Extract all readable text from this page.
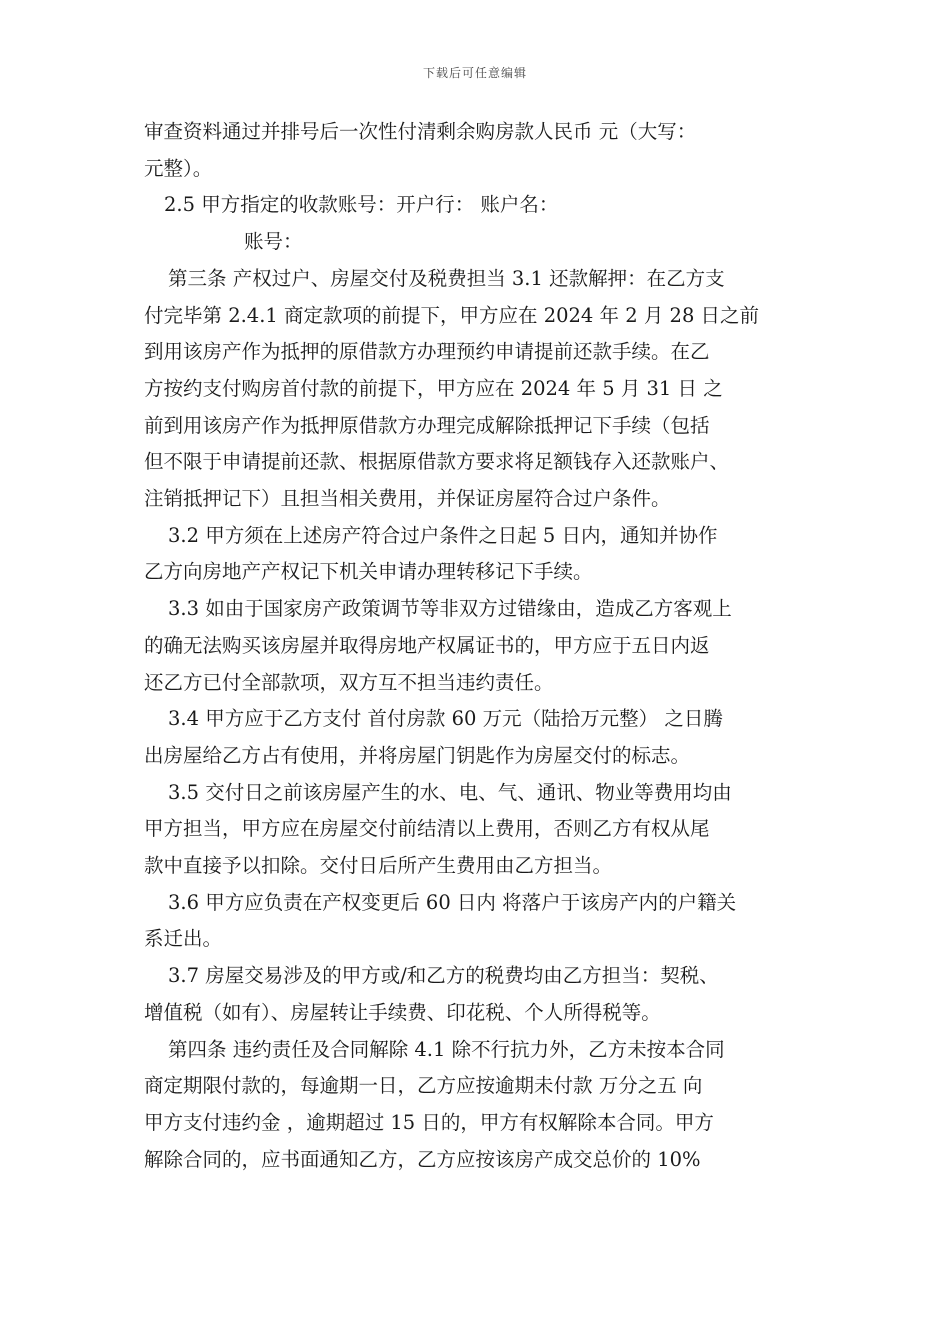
下载后可任意编辑
审查资料通过并排号后一次性付清剩余购房款人民币 元（大写：
元整）。
2.5 甲方指定的收款账号：开户行： 账户名：
账号：
第三条 产权过户、房屋交付及税费担当 3.1 还款解押：在乙方支
付完毕第 2.4.1 商定款项的前提下，甲方应在 2024 年 2 月 28 日之前
到用该房产作为抵押的原借款方办理预约申请提前还款手续。在乙
方按约支付购房首付款的前提下，甲方应在 2024 年 5 月 31 日 之
前到用该房产作为抵押原借款方办理完成解除抵押记下手续（包括
但不限于申请提前还款、根据原借款方要求将足额钱存入还款账户、
注销抵押记下）且担当相关费用，并保证房屋符合过户条件。
3.2 甲方须在上述房产符合过户条件之日起 5 日内，通知并协作
乙方向房地产产权记下机关申请办理转移记下手续。
3.3 如由于国家房产政策调节等非双方过错缘由，造成乙方客观上
的确无法购买该房屋并取得房地产权属证书的，甲方应于五日内返
还乙方已付全部款项，双方互不担当违约责任。
3.4 甲方应于乙方支付 首付房款 60 万元（陆拾万元整） 之日腾
出房屋给乙方占有使用，并将房屋门钥匙作为房屋交付的标志。
3.5 交付日之前该房屋产生的水、电、气、通讯、物业等费用均由
甲方担当，甲方应在房屋交付前结清以上费用，否则乙方有权从尾
款中直接予以扣除。交付日后所产生费用由乙方担当。
3.6 甲方应负责在产权变更后 60 日内 将落户于该房产内的户籍关
系迁出。
3.7 房屋交易涉及的甲方或/和乙方的税费均由乙方担当：契税、
增值税（如有）、房屋转让手续费、印花税、个人所得税等。
第四条 违约责任及合同解除 4.1 除不行抗力外，乙方未按本合同
商定期限付款的，每逾期一日，乙方应按逾期未付款 万分之五 向
甲方支付违约金 ，逾期超过 15 日的，甲方有权解除本合同。甲方
解除合同的，应书面通知乙方，乙方应按该房产成交总价的 10%
